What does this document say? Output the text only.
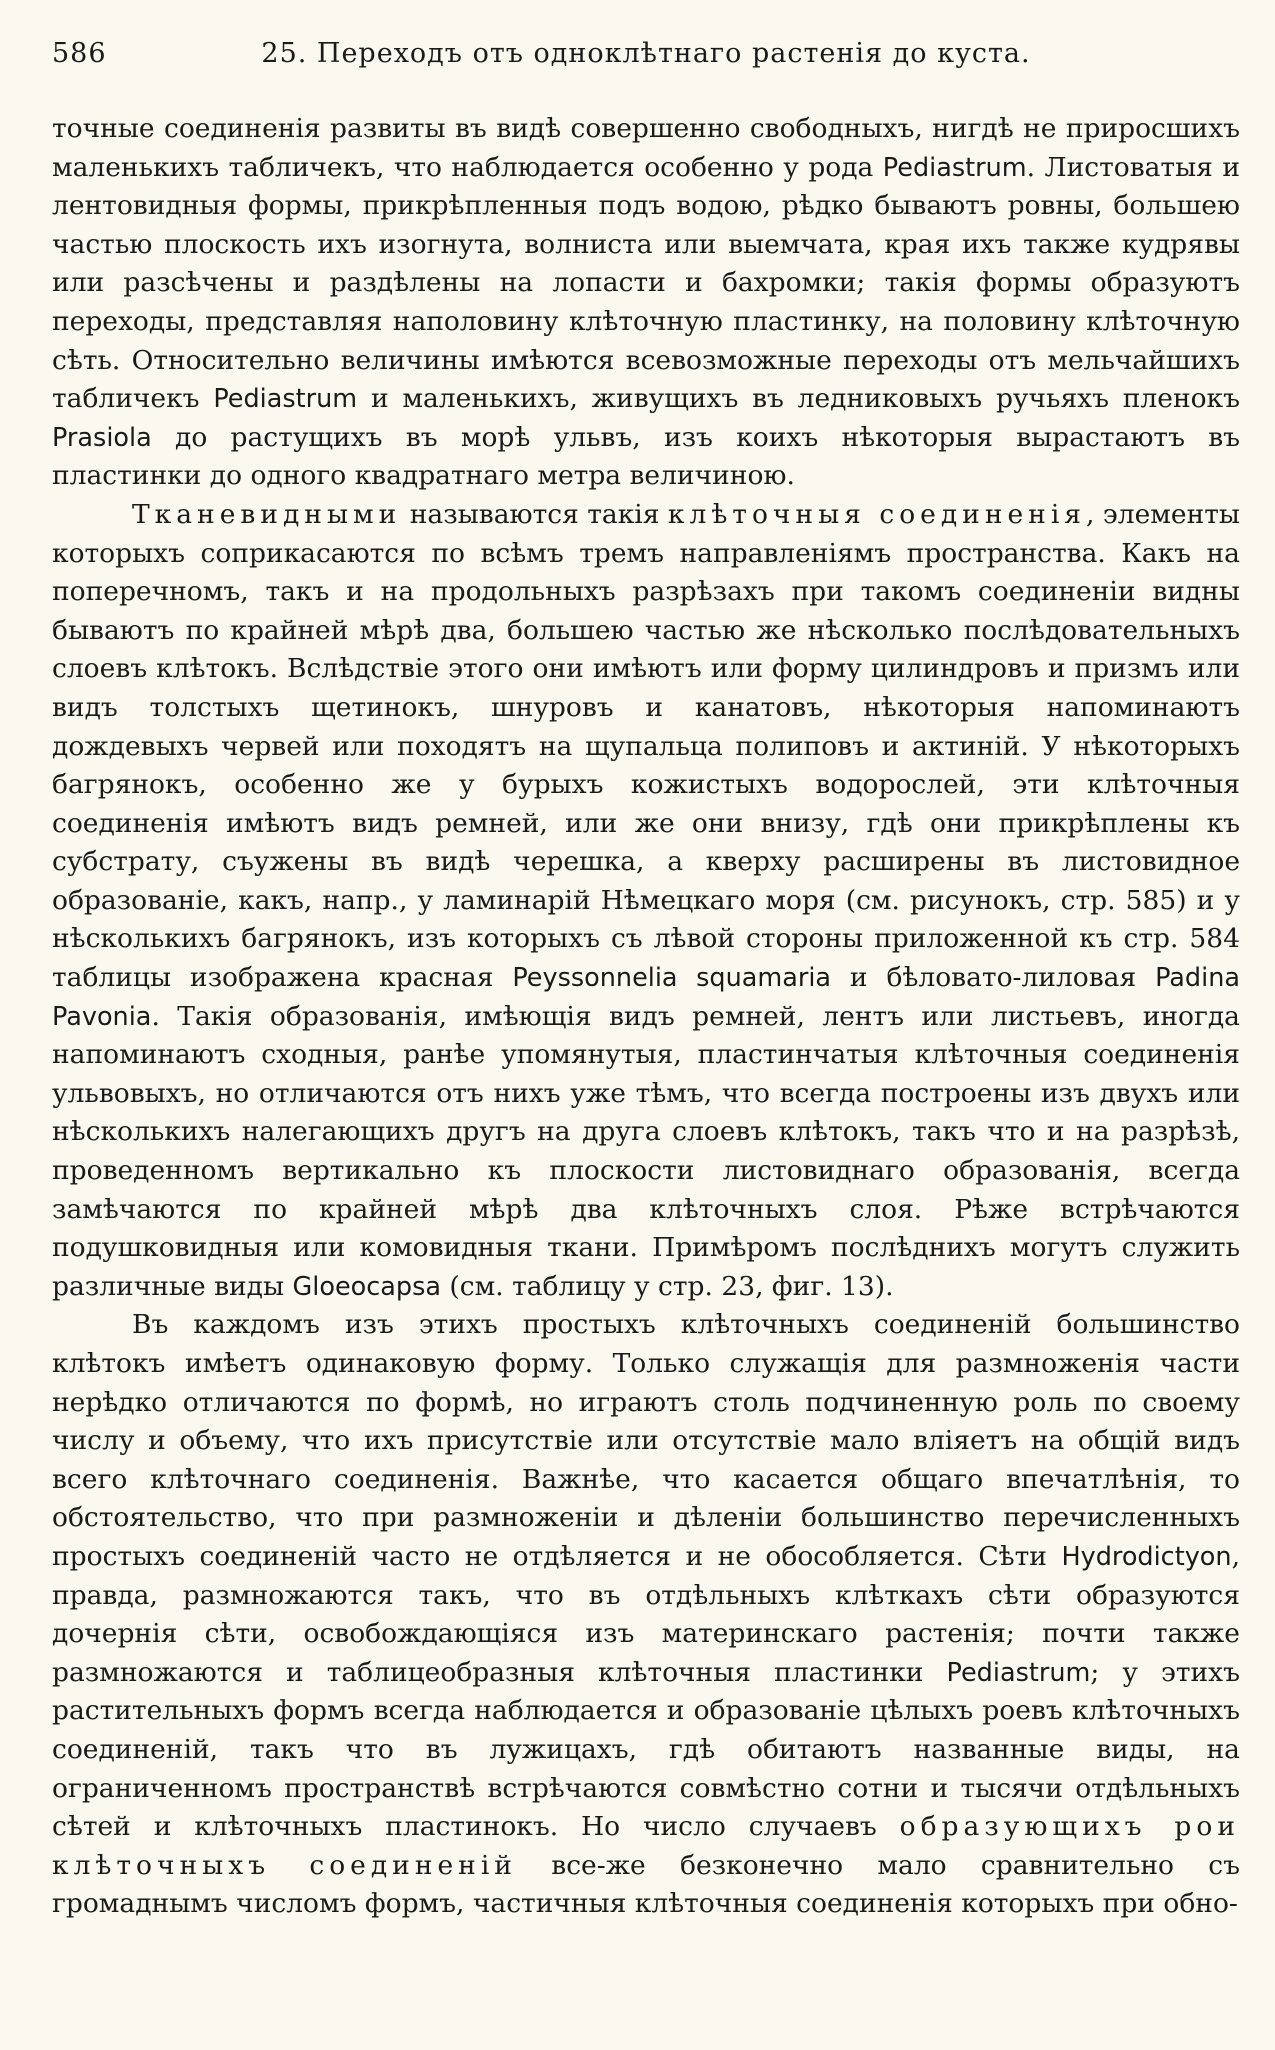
586	25. Переходъ отъ одноклѣтнаго растенія до куста.

точные соединенія развиты въ видѣ совершенно свободныхъ, нигдѣ не приросшихъ маленькихъ табличекъ, что наблюдается особенно у рода Pediastrum. Листоватыя и лентовидныя формы, прикрѣпленныя подъ водою, рѣдко бываютъ ровны, большею частью плоскость ихъ изогнута, волниста или выемчата, края ихъ также кудрявы или разсѣчены и раздѣлены на лопасти и бахромки; такія формы образуютъ переходы, представляя наполовину клѣточную пластинку, на половину клѣточную сѣть. Относительно величины имѣются всевозможные переходы отъ мельчайшихъ табличекъ Pediastrum и маленькихъ, живущихъ въ ледниковыхъ ручьяхъ пленокъ Prasiola до растущихъ въ морѣ ульвъ, изъ коихъ нѣкоторыя вырастаютъ въ пластинки до одного квадратнаго метра величиною.

Тканевидными называются такія клѣточныя соединенія, элементы которыхъ соприкасаются по всѣмъ тремъ направленіямъ пространства. Какъ на поперечномъ, такъ и на продольныхъ разрѣзахъ при такомъ соединеніи видны бываютъ по крайней мѣрѣ два, большею частью же нѣсколько послѣдовательныхъ слоевъ клѣтокъ. Вслѣдствіе этого они имѣютъ или форму цилиндровъ и призмъ или видъ толстыхъ щетинокъ, шнуровъ и канатовъ, нѣкоторыя напоминаютъ дождевыхъ червей или походятъ на щупальца полиповъ и актиній. У нѣкоторыхъ багрянокъ, особенно же у бурыхъ кожистыхъ водорослей, эти клѣточныя соединенія имѣютъ видъ ремней, или же они внизу, гдѣ они прикрѣплены къ субстрату, съужены въ видѣ черешка, а кверху расширены въ листовидное образованіе, какъ, напр., у ламинарій Нѣмецкаго моря (см. рисунокъ, стр. 585) и у нѣсколькихъ багрянокъ, изъ которыхъ съ лѣвой стороны приложенной къ стр. 584 таблицы изображена красная Peyssonnelia squamaria и бѣловато-лиловая Padina Pavonia. Такія образованія, имѣющія видъ ремней, лентъ или листьевъ, иногда напоминаютъ сходныя, ранѣе упомянутыя, пластинчатыя клѣточныя соединенія ульвовыхъ, но отличаются отъ нихъ уже тѣмъ, что всегда построены изъ двухъ или нѣсколькихъ налегающихъ другъ на друга слоевъ клѣтокъ, такъ что и на разрѣзѣ, проведенномъ вертикально къ плоскости листовиднаго образованія, всегда замѣчаются по крайней мѣрѣ два клѣточныхъ слоя. Рѣже встрѣчаются подушковидныя или комовидныя ткани. Примѣромъ послѣднихъ могутъ служить различные виды Gloeocapsa (см. таблицу у стр. 23, фиг. 13).

Въ каждомъ изъ этихъ простыхъ клѣточныхъ соединеній большинство клѣтокъ имѣетъ одинаковую форму. Только служащія для размноженія части нерѣдко отличаются по формѣ, но играютъ столь подчиненную роль по своему числу и объему, что ихъ присутствіе или отсутствіе мало вліяетъ на общій видъ всего клѣточнаго соединенія. Важнѣе, что касается общаго впечатлѣнія, то обстоятельство, что при размноженіи и дѣленіи большинство перечисленныхъ простыхъ соединеній часто не отдѣляется и не обособляется. Сѣти Hydrodictyon, правда, размножаются такъ, что въ отдѣльныхъ клѣткахъ сѣти образуются дочернія сѣти, освобождающіяся изъ материнскаго растенія; почти также размножаются и таблицеобразныя клѣточныя пластинки Pediastrum; у этихъ растительныхъ формъ всегда наблюдается и образованіе цѣлыхъ роевъ клѣточныхъ соединеній, такъ что въ лужицахъ, гдѣ обитаютъ названные виды, на ограниченномъ пространствѣ встрѣчаются совмѣстно сотни и тысячи отдѣльныхъ сѣтей и клѣточныхъ пластинокъ. Но число случаевъ образующихъ рои клѣточныхъ соединеній все-же безконечно мало сравнительно съ громаднымъ числомъ формъ, частичныя клѣточныя соединенія которыхъ при обно-
